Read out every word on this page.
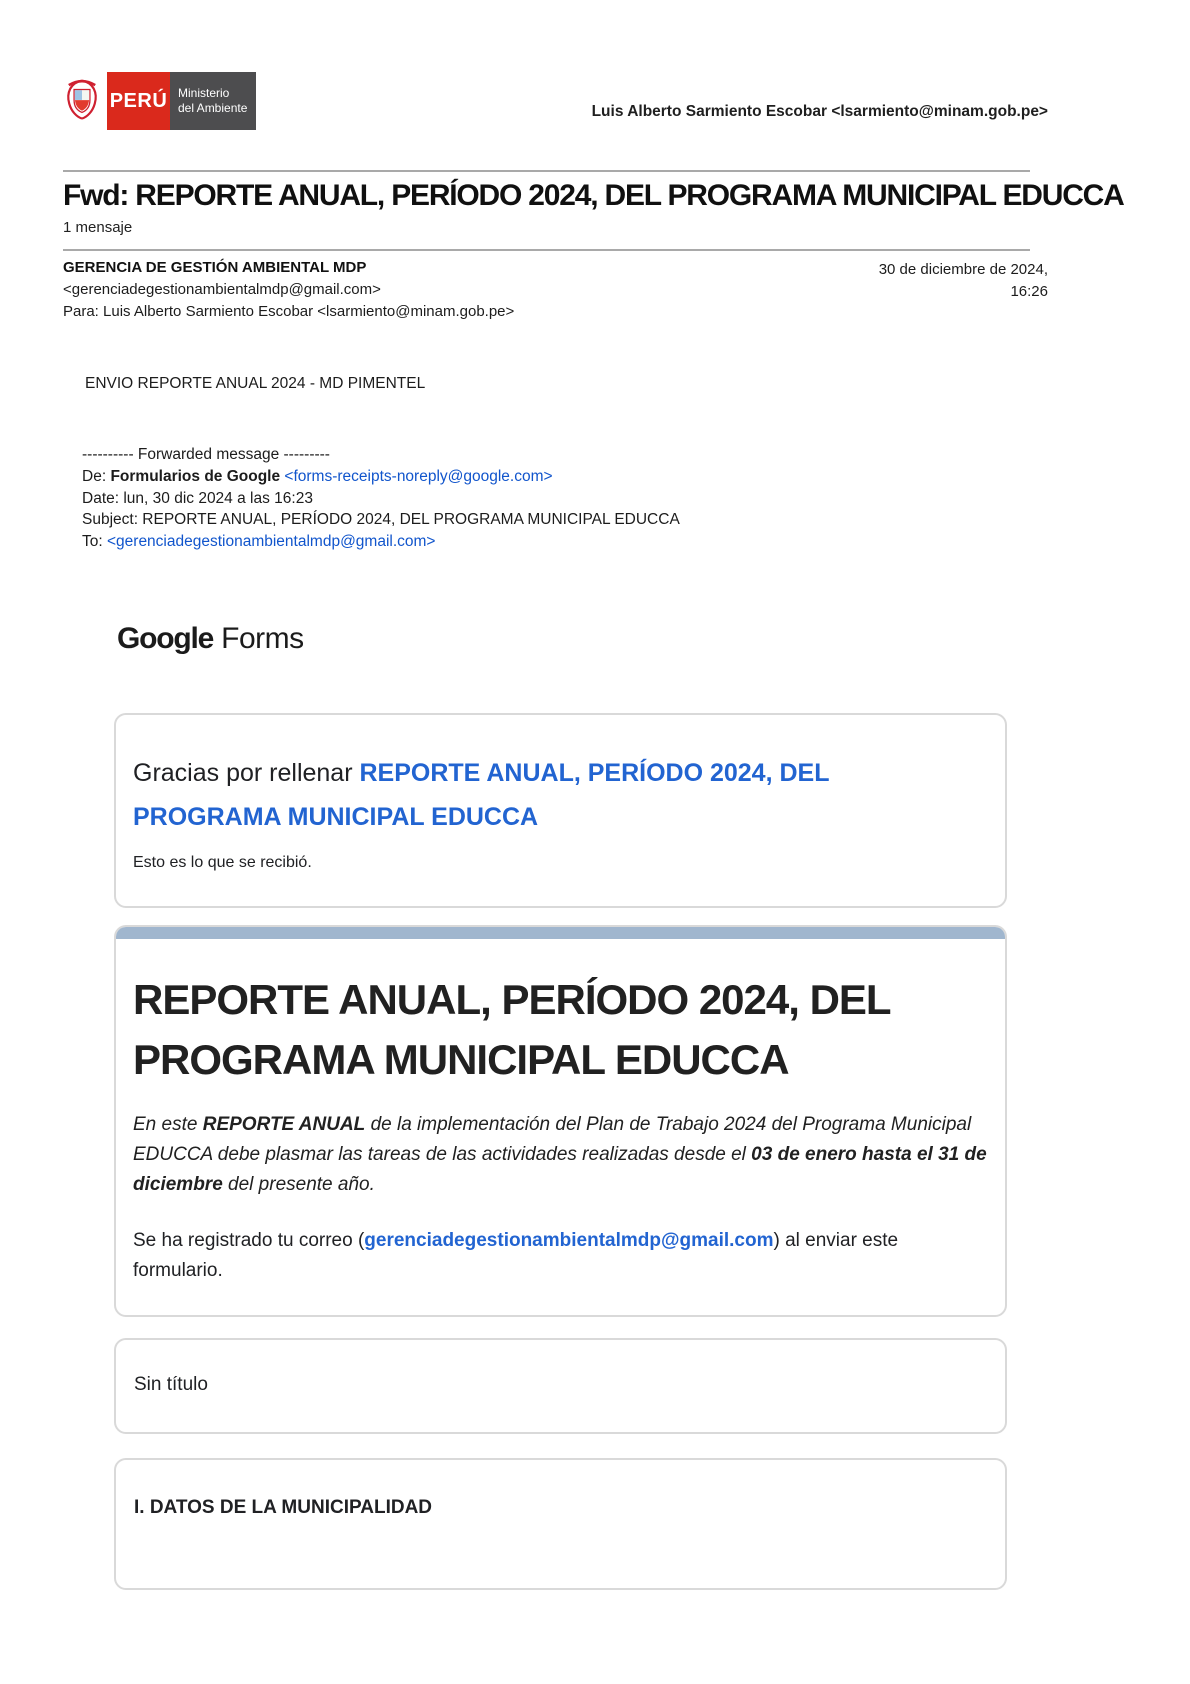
PERÚ Ministerio
del Ambiente	Luis Alberto Sarmiento Escobar <lsarmiento@minam.gob.pe>
Fwd: REPORTE ANUAL, PERÍODO 2024, DEL PROGRAMA MUNICIPAL EDUCCA
1 mensaje
GERENCIA DE GESTIÓN AMBIENTAL MDP
<gerenciadegestionambientalmdp@gmail.com>
Para: Luis Alberto Sarmiento Escobar <lsarmiento@minam.gob.pe>
30 de diciembre de 2024,
16:26
ENVIO REPORTE ANUAL 2024 - MD PIMENTEL
---------- Forwarded message ---------
De: Formularios de Google <forms-receipts-noreply@google.com>
Date: lun, 30 dic 2024 a las 16:23
Subject: REPORTE ANUAL, PERÍODO 2024, DEL PROGRAMA MUNICIPAL EDUCCA
To: <gerenciadegestionambientalmdp@gmail.com>
Google Forms
Gracias por rellenar REPORTE ANUAL, PERÍODO 2024, DEL PROGRAMA MUNICIPAL EDUCCA
Esto es lo que se recibió.
REPORTE ANUAL, PERÍODO 2024, DEL PROGRAMA MUNICIPAL EDUCCA
En este REPORTE ANUAL de la implementación del Plan de Trabajo 2024 del Programa Municipal EDUCCA debe plasmar las tareas de las actividades realizadas desde el 03 de enero hasta el 31 de diciembre del presente año.
Se ha registrado tu correo (gerenciadegestionambientalmdp@gmail.com) al enviar este formulario.
Sin título
I. DATOS DE LA MUNICIPALIDAD
